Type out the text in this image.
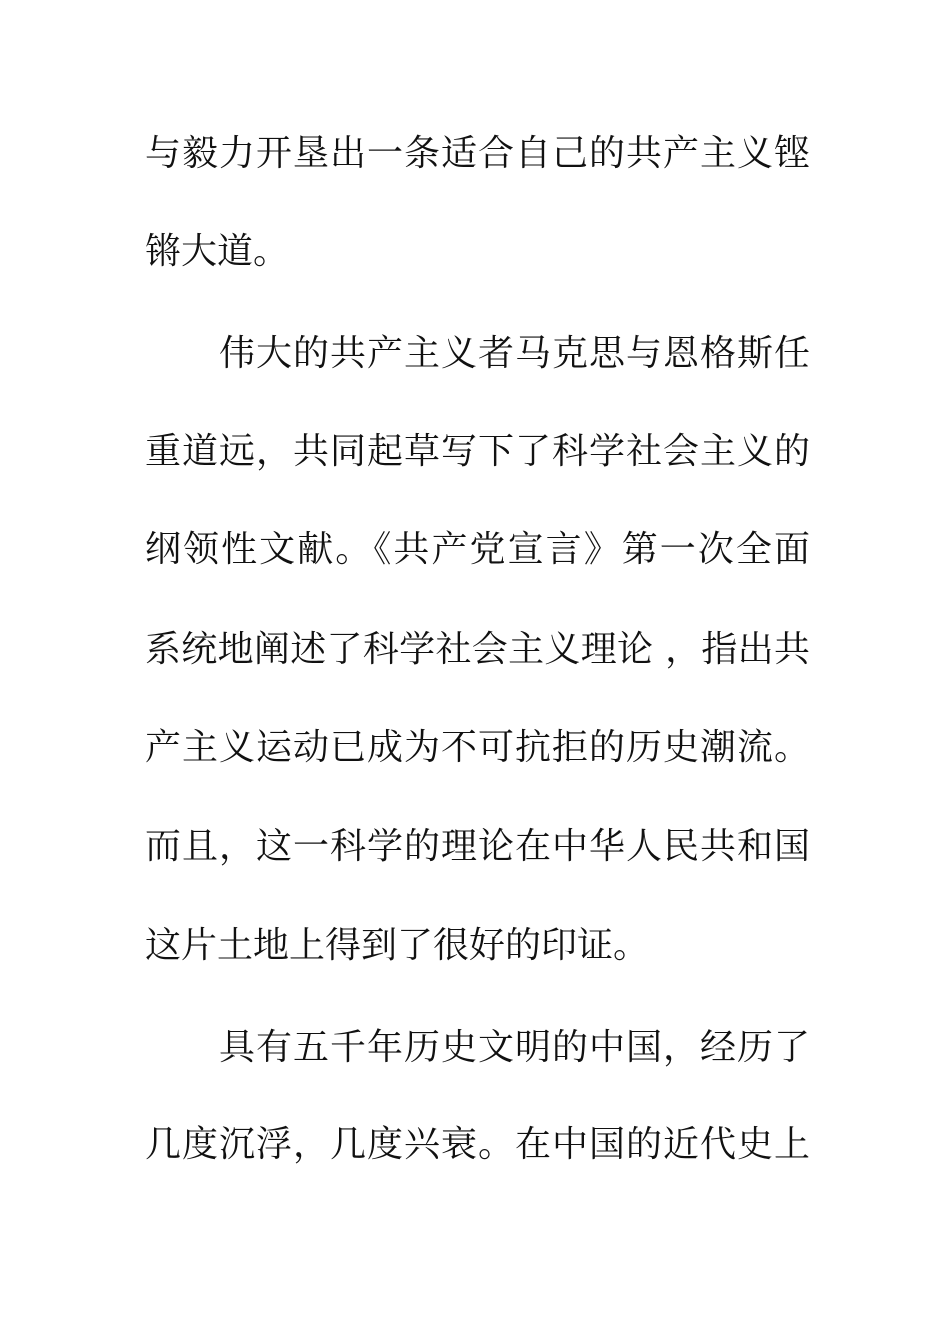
与毅力开垦出一条适合自己的共产主义铿
锵大道。
伟大的共产主义者马克思与恩格斯任
重道远，共同起草写下了科学社会主义的
纲领性文献。《共产党宣言》第一次全面
系统地阐述了科学社会主义理论 ，指出共
产主义运动已成为不可抗拒的历史潮流。
而且，这一科学的理论在中华人民共和国
这片土地上得到了很好的印证。
具有五千年历史文明的中国，经历了
几度沉浮，几度兴衰。在中国的近代史上
